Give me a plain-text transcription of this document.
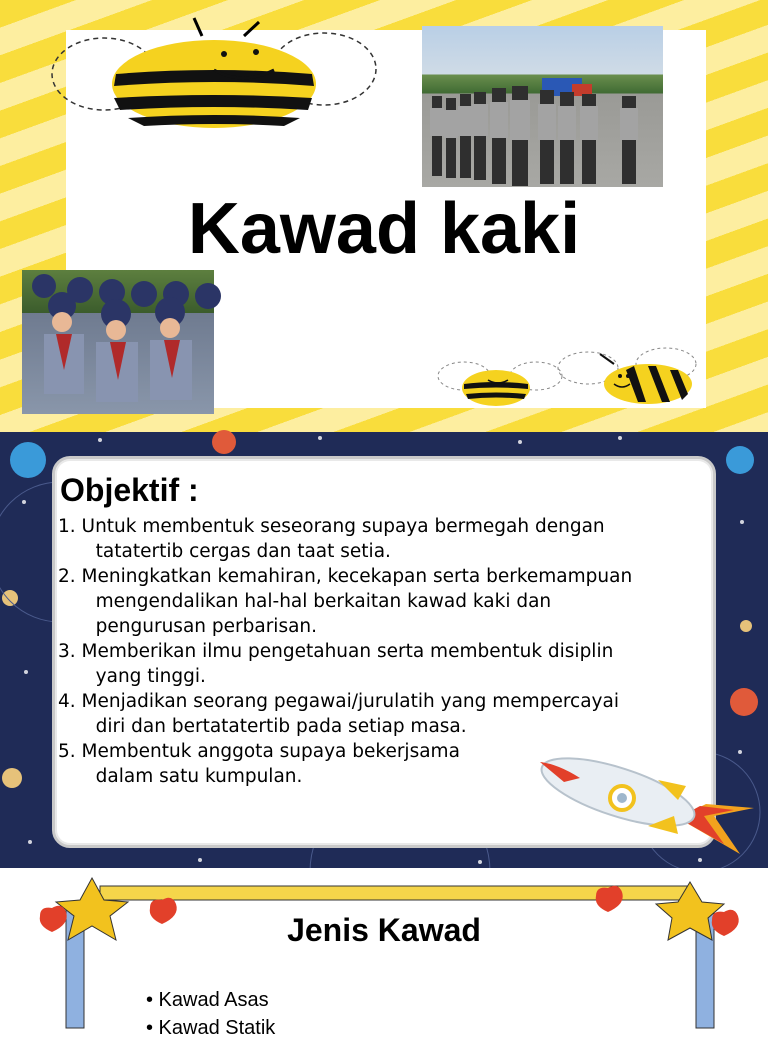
Kawad kaki
Objektif :
1. Untuk membentuk seseorang supaya bermegah dengan
tatatertib cergas dan taat setia.
2. Meningkatkan kemahiran, kecekapan serta berkemampuan
mengendalikan hal-hal berkaitan kawad kaki dan
pengurusan perbarisan.
3. Memberikan ilmu pengetahuan serta membentuk disiplin
yang tinggi.
4. Menjadikan seorang pegawai/jurulatih yang mempercayai
diri dan bertatatertib pada setiap masa.
5. Membentuk anggota supaya bekerjsama
dalam satu kumpulan.
Jenis Kawad
• Kawad Asas
• Kawad Statik
